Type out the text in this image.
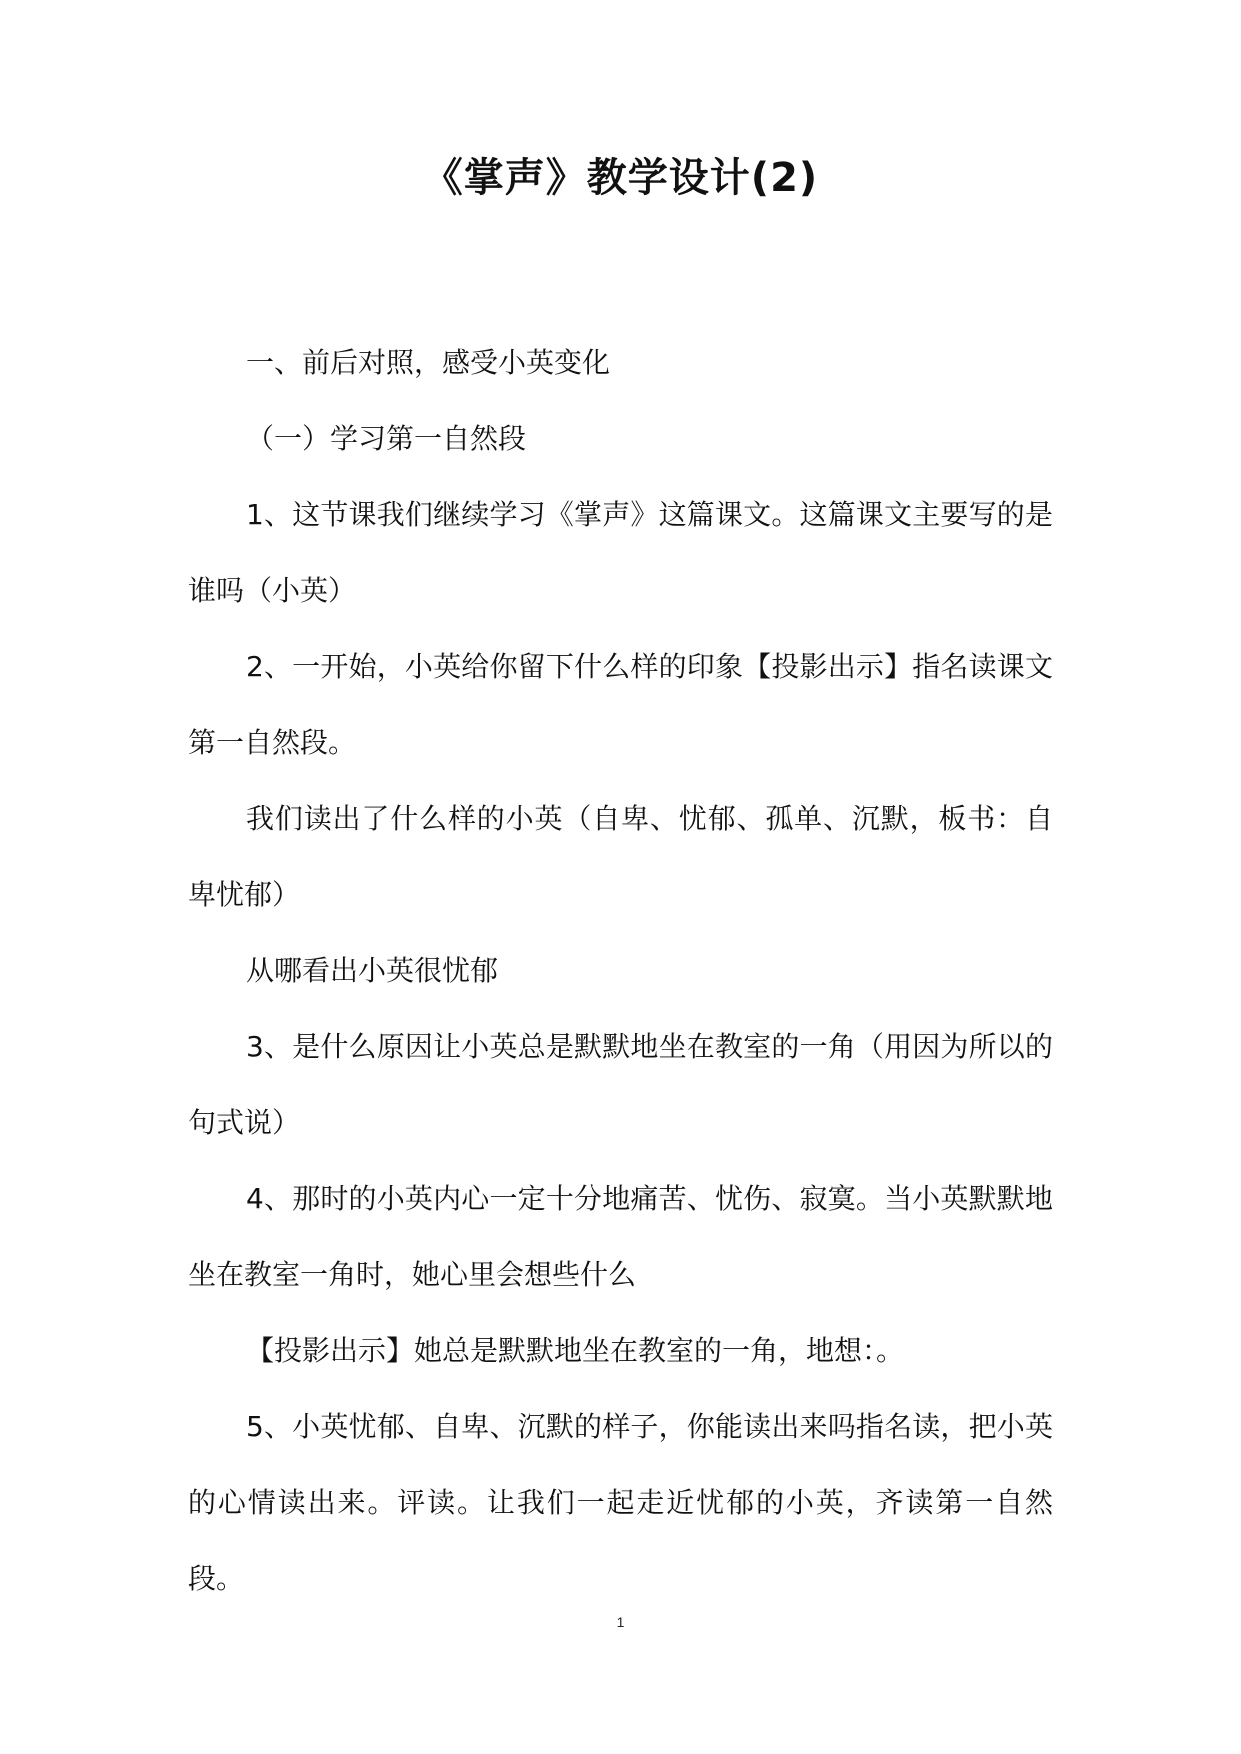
《掌声》教学设计(2)

一、前后对照，感受小英变化

（一）学习第一自然段

1、这节课我们继续学习《掌声》这篇课文。这篇课文主要写的是谁吗（小英）

2、一开始，小英给你留下什么样的印象【投影出示】指名读课文第一自然段。

我们读出了什么样的小英（自卑、忧郁、孤单、沉默，板书：自卑忧郁）

从哪看出小英很忧郁

3、是什么原因让小英总是默默地坐在教室的一角（用因为所以的句式说）

4、那时的小英内心一定十分地痛苦、忧伤、寂寞。当小英默默地坐在教室一角时，她心里会想些什么

【投影出示】她总是默默地坐在教室的一角，地想：。

5、小英忧郁、自卑、沉默的样子，你能读出来吗指名读，把小英的心情读出来。评读。让我们一起走近忧郁的小英，齐读第一自然段。

1
